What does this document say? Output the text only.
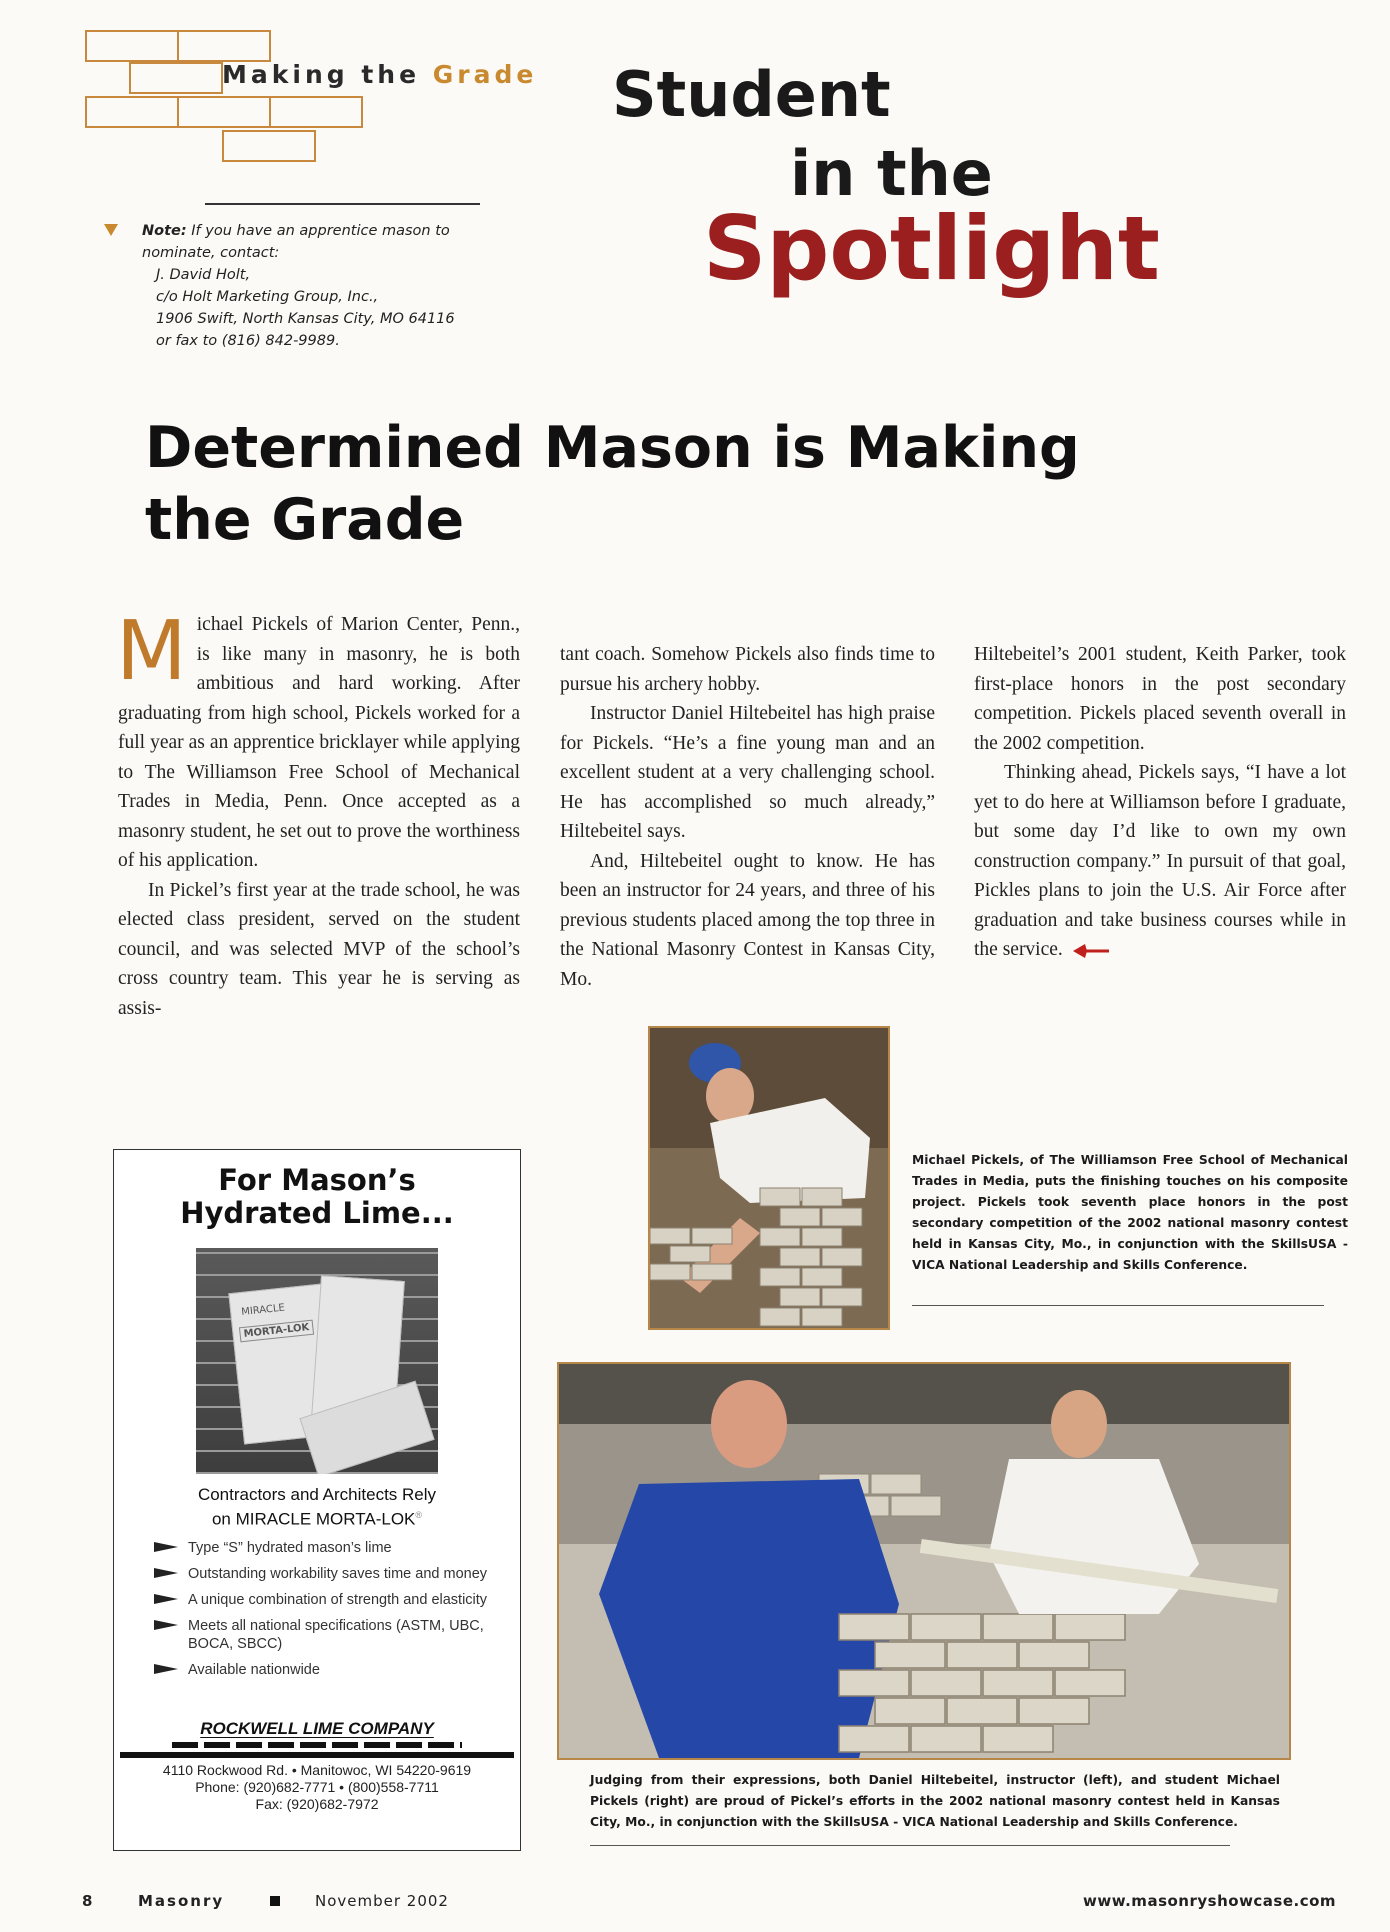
Making the Grade Student
in the
Spotlight
Note: If you have an apprentice mason to
nominate, contact:
J. David Holt,
c/o Holt Marketing Group, Inc.,
1906 Swift, North Kansas City, MO 64116
or fax to (816) 842-9989.
Determined Mason is Making the Grade

Michael Pickels of Marion Center, Penn., is like many in masonry, he is both ambitious and hard working. After graduating from high school, Pickels worked for a full year as an apprentice bricklayer while applying to The Williamson Free School of Mechanical Trades in Media, Penn. Once accepted as a masonry student, he set out to prove the worthiness of his application.

In Pickel’s first year at the trade school, he was elected class president, served on the student council, and was selected MVP of the school’s cross country team. This year he is serving as assis-

tant coach. Somehow Pickels also finds time to pursue his archery hobby.

Instructor Daniel Hiltebeitel has high praise for Pickels. “He’s a fine young man and an excellent student at a very challenging school. He has accomplished so much already,” Hiltebeitel says.

And, Hiltebeitel ought to know. He has been an instructor for 24 years, and three of his previous students placed among the top three in the National Masonry Contest in Kansas City, Mo.

Hiltebeitel’s 2001 student, Keith Parker, took first-place honors in the post secondary competition. Pickels placed seventh overall in the 2002 competition.

Thinking ahead, Pickels says, “I have a lot yet to do here at Williamson before I graduate, but some day I’d like to own my own construction company.” In pursuit of that goal, Pickles plans to join the U.S. Air Force after graduation and take business courses while in the service.

For Mason’s
Hydrated Lime...
MIRACLE
MORTA-LOK
Contractors and Architects Rely
on MIRACLE MORTA-LOK®
Type “S” hydrated mason’s lime
Outstanding workability saves time and money
A unique combination of strength and elasticity
Meets all national specifications (ASTM, UBC, BOCA, SBCC)
Available nationwide
ROCKWELL LIME COMPANY
4110 Rockwood Rd. • Manitowoc, WI 54220-9619
Phone: (920)682-7771 • (800)558-7711
Fax: (920)682-7972
Michael Pickels, of The Williamson Free School of Mechanical Trades in Media, puts the finishing touches on his composite project. Pickels took seventh place honors in the post secondary competition of the 2002 national masonry contest held in Kansas City, Mo., in conjunction with the SkillsUSA - VICA National Leadership and Skills Conference.
Judging from their expressions, both Daniel Hiltebeitel, instructor (left), and student Michael Pickels (right) are proud of Pickel’s efforts in the 2002 national masonry contest held in Kansas City, Mo., in conjunction with the SkillsUSA - VICA National Leadership and Skills Conference.
8	Masonry	November 2002	www.masonryshowcase.com
